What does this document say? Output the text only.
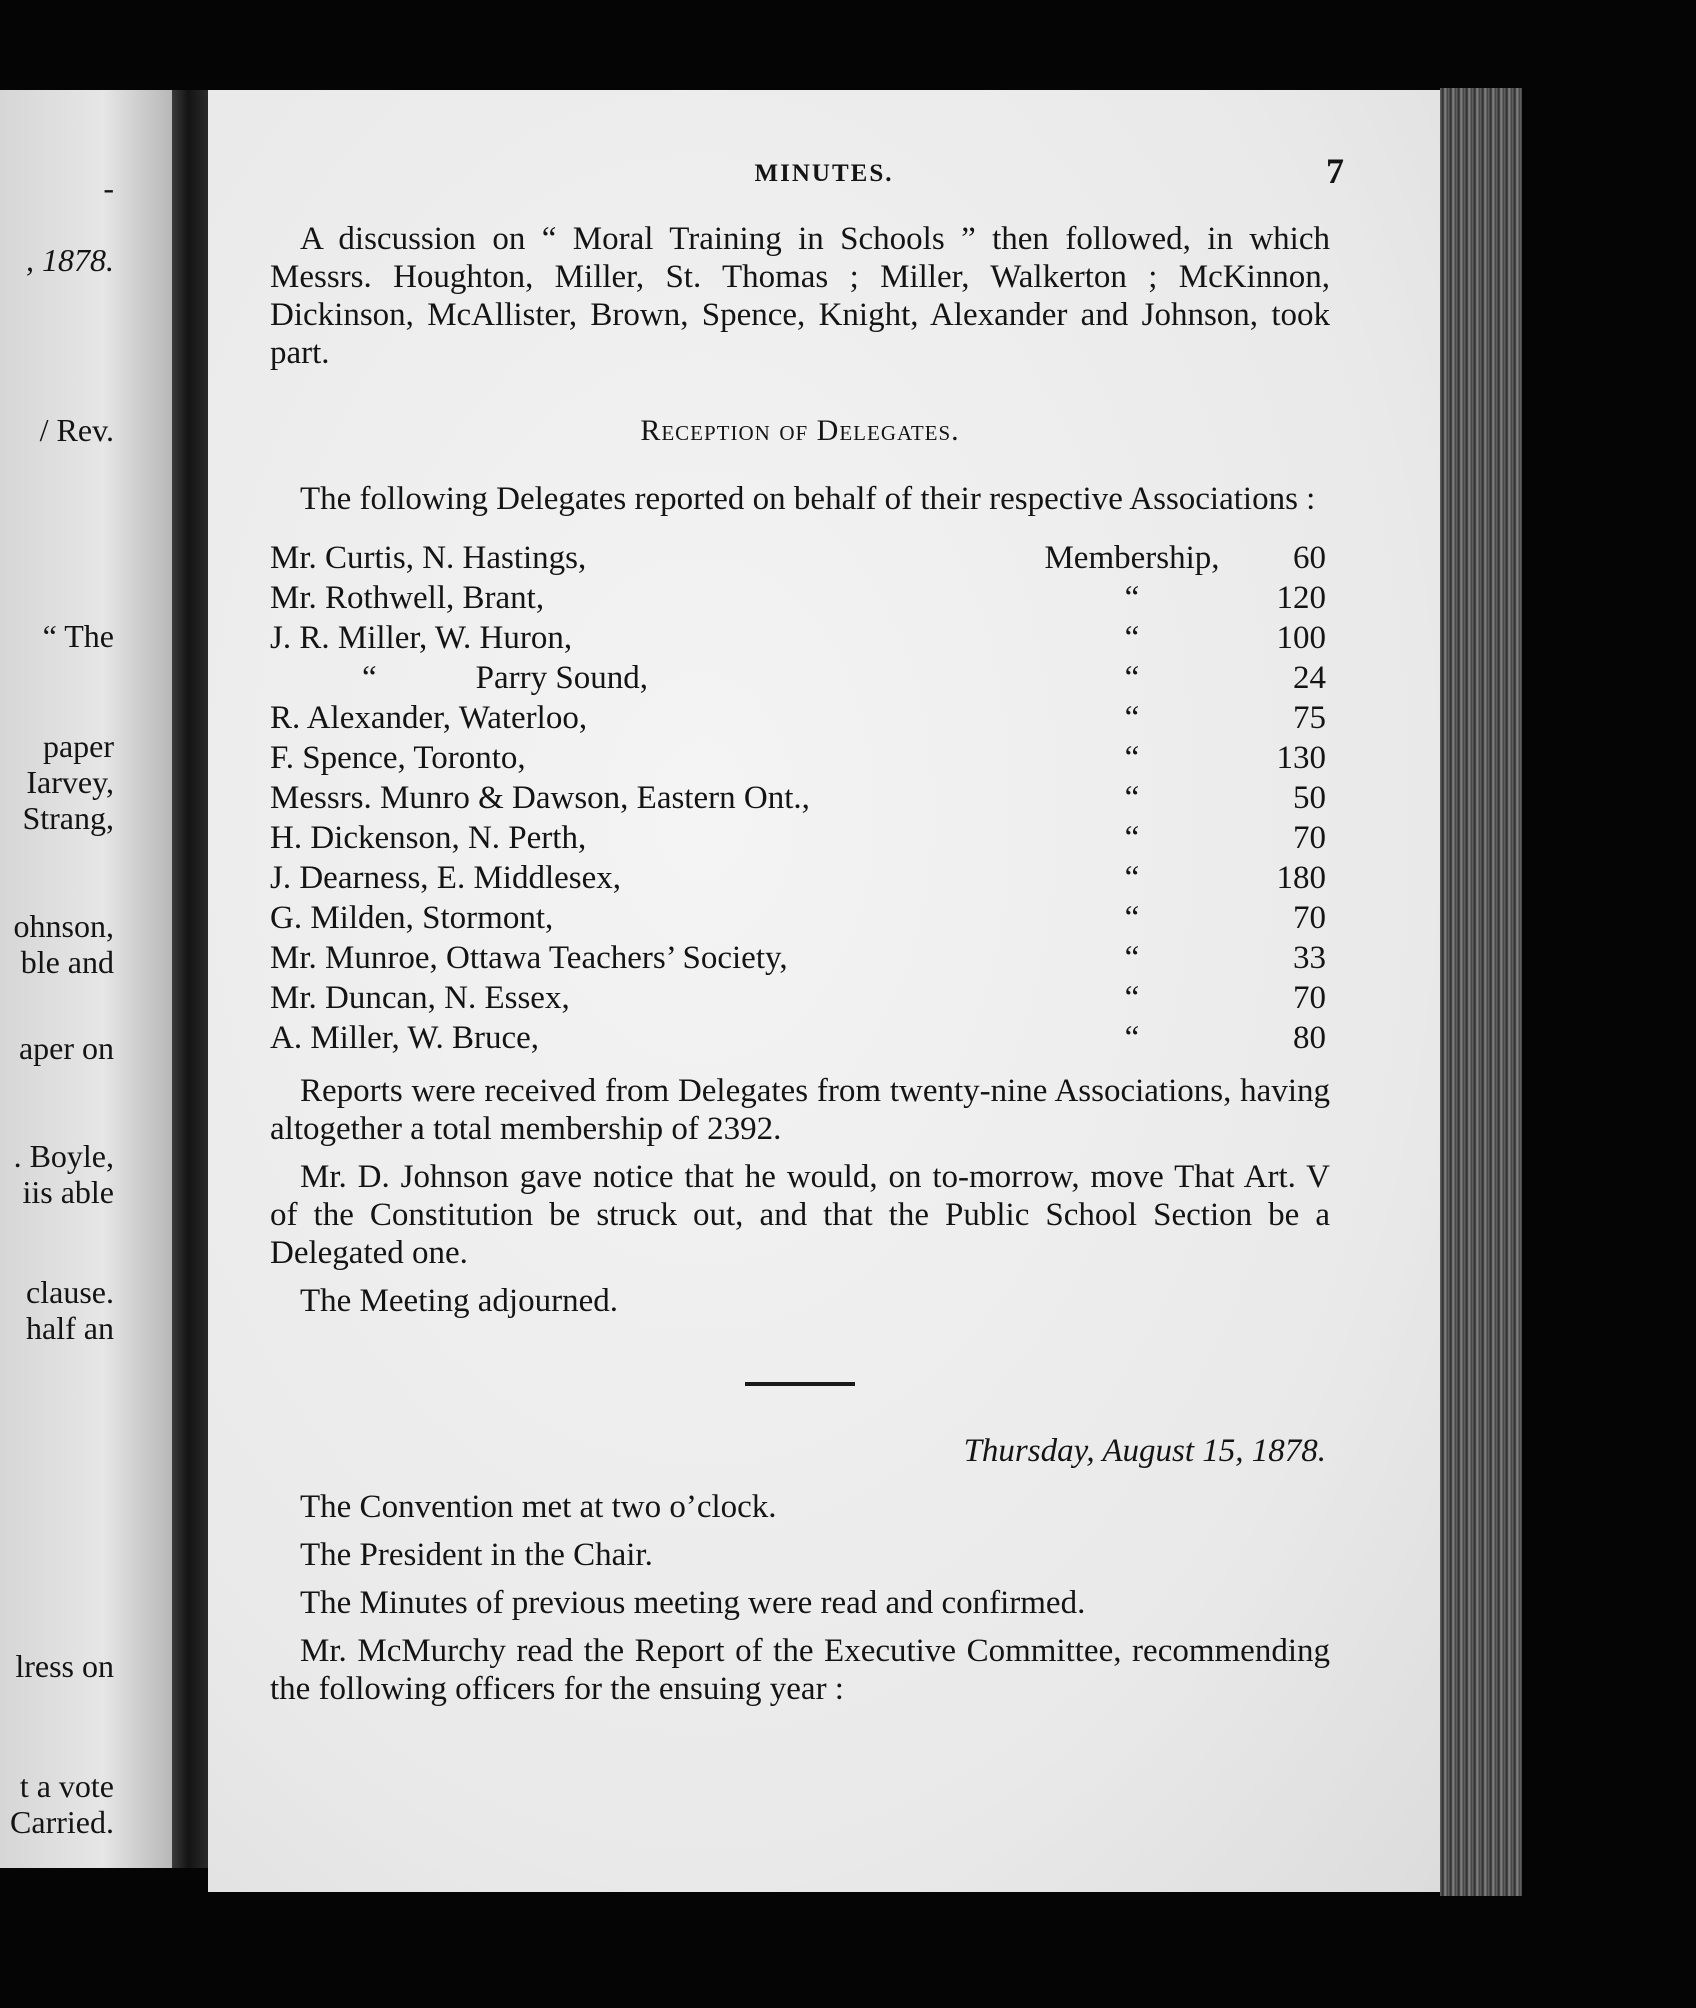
-
, 1878.
/ Rev.
“ The
paper
Iarvey,
Strang,
ohnson,
ble and
aper on
. Boyle,
iis able
clause.
half an
lress on
t a vote
Carried.
MINUTES.	7

A discussion on “ Moral Training in Schools ” then followed, in which Messrs. Houghton, Miller, St. Thomas ; Miller, Walkerton ; McKinnon, Dickinson, McAllister, Brown, Spence, Knight, Alexander and Johnson, took part.

Reception of Delegates.

The following Delegates reported on behalf of their respective Associations :

Mr. Curtis, N. Hastings,	Membership,	60
Mr. Rothwell, Brant,	“	120
J. R. Miller, W. Huron,	“	100
“            Parry Sound,	“	24
R. Alexander, Waterloo,	“	75
F. Spence, Toronto,	“	130
Messrs. Munro & Dawson, Eastern Ont.,	“	50
H. Dickenson, N. Perth,	“	70
J. Dearness, E. Middlesex,	“	180
G. Milden, Stormont,	“	70
Mr. Munroe, Ottawa Teachers’ Society,	“	33
Mr. Duncan, N. Essex,	“	70
A. Miller, W. Bruce,	“	80

Reports were received from Delegates from twenty-nine Associations, having altogether a total membership of 2392.

Mr. D. Johnson gave notice that he would, on to-morrow, move That Art. V of the Constitution be struck out, and that the Public School Section be a Delegated one.

The Meeting adjourned.

Thursday, August 15, 1878.

The Convention met at two o’clock.

The President in the Chair.

The Minutes of previous meeting were read and confirmed.

Mr. McMurchy read the Report of the Executive Committee, recommending the following officers for the ensuing year :
